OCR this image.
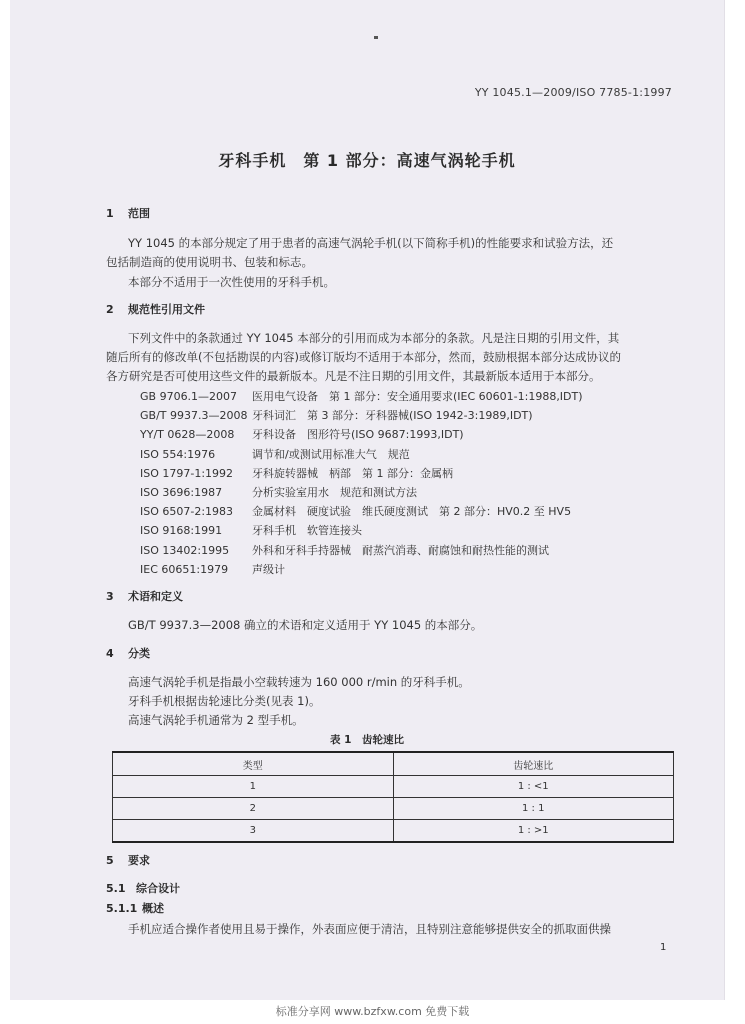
YY 1045.1—2009/ISO 7785-1:1997
牙科手机　第 1 部分：高速气涡轮手机
1 范围
YY 1045 的本部分规定了用于患者的高速气涡轮手机(以下简称手机)的性能要求和试验方法，还
包括制造商的使用说明书、包装和标志。
本部分不适用于一次性使用的牙科手机。
2 规范性引用文件
下列文件中的条款通过 YY 1045 本部分的引用而成为本部分的条款。凡是注日期的引用文件，其
随后所有的修改单(不包括勘误的内容)或修订版均不适用于本部分，然而，鼓励根据本部分达成协议的
各方研究是否可使用这些文件的最新版本。凡是不注日期的引用文件，其最新版本适用于本部分。
GB 9706.1—2007 医用电气设备　第 1 部分：安全通用要求(IEC 60601-1:1988,IDT)
GB/T 9937.3—2008 牙科词汇　第 3 部分：牙科器械(ISO 1942-3:1989,IDT)
YY/T 0628—2008 牙科设备　图形符号(ISO 9687:1993,IDT)
ISO 554:1976	调节和/或测试用标准大气　规范
ISO 1797-1:1992 牙科旋转器械　柄部　第 1 部分：金属柄
ISO 3696:1987	分析实验室用水　规范和测试方法
ISO 6507-2:1983 金属材料　硬度试验　维氏硬度测试　第 2 部分：HV0.2 至 HV5
ISO 9168:1991	牙科手机　软管连接头
ISO 13402:1995 外科和牙科手持器械　耐蒸汽消毒、耐腐蚀和耐热性能的测试
IEC 60651:1979 声级计
3 术语和定义
GB/T 9937.3—2008 确立的术语和定义适用于 YY 1045 的本部分。
4 分类
高速气涡轮手机是指最小空载转速为 160 000 r/min 的牙科手机。
牙科手机根据齿轮速比分类(见表 1)。
高速气涡轮手机通常为 2 型手机。
表 1　齿轮速比
类型	齿轮速比
1	1 : <1
2	1 : 1
3	1 : >1
5 要求
5.1 综合设计
5.1.1 概述
手机应适合操作者使用且易于操作，外表面应便于清洁，且特别注意能够提供安全的抓取面供操
1
标准分享网 www.bzfxw.com 免费下载
